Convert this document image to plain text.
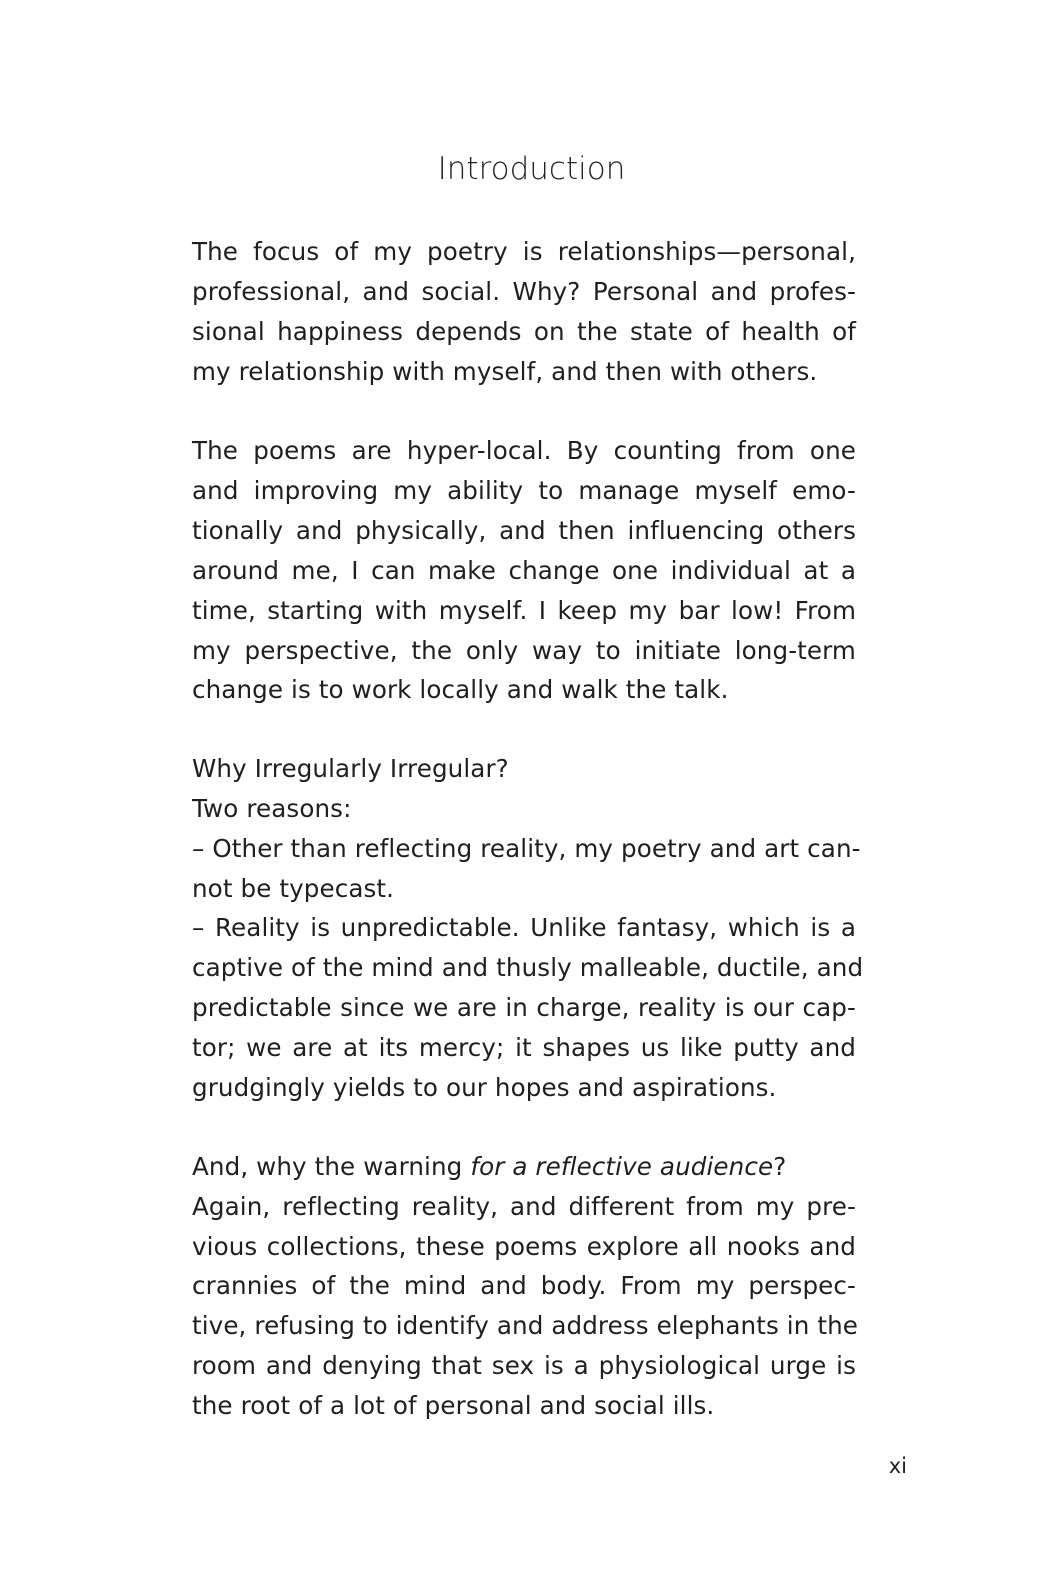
Introduction
The focus of my poetry is relationships—personal,
professional, and social. Why? Personal and profes-
sional happiness depends on the state of health of
my relationship with myself, and then with others.
The poems are hyper-local. By counting from one
and improving my ability to manage myself emo-
tionally and physically, and then influencing others
around me, I can make change one individual at a
time, starting with myself. I keep my bar low! From
my perspective, the only way to initiate long-term
change is to work locally and walk the talk.
Why Irregularly Irregular?
Two reasons:
– Other than reflecting reality, my poetry and art can-
not be typecast.
– Reality is unpredictable. Unlike fantasy, which is a
captive of the mind and thusly malleable, ductile, and
predictable since we are in charge, reality is our cap-
tor; we are at its mercy; it shapes us like putty and
grudgingly yields to our hopes and aspirations.
And, why the warning for a reflective audience?
Again, reflecting reality, and different from my pre-
vious collections, these poems explore all nooks and
crannies of the mind and body. From my perspec-
tive, refusing to identify and address elephants in the
room and denying that sex is a physiological urge is
the root of a lot of personal and social ills.
xi
